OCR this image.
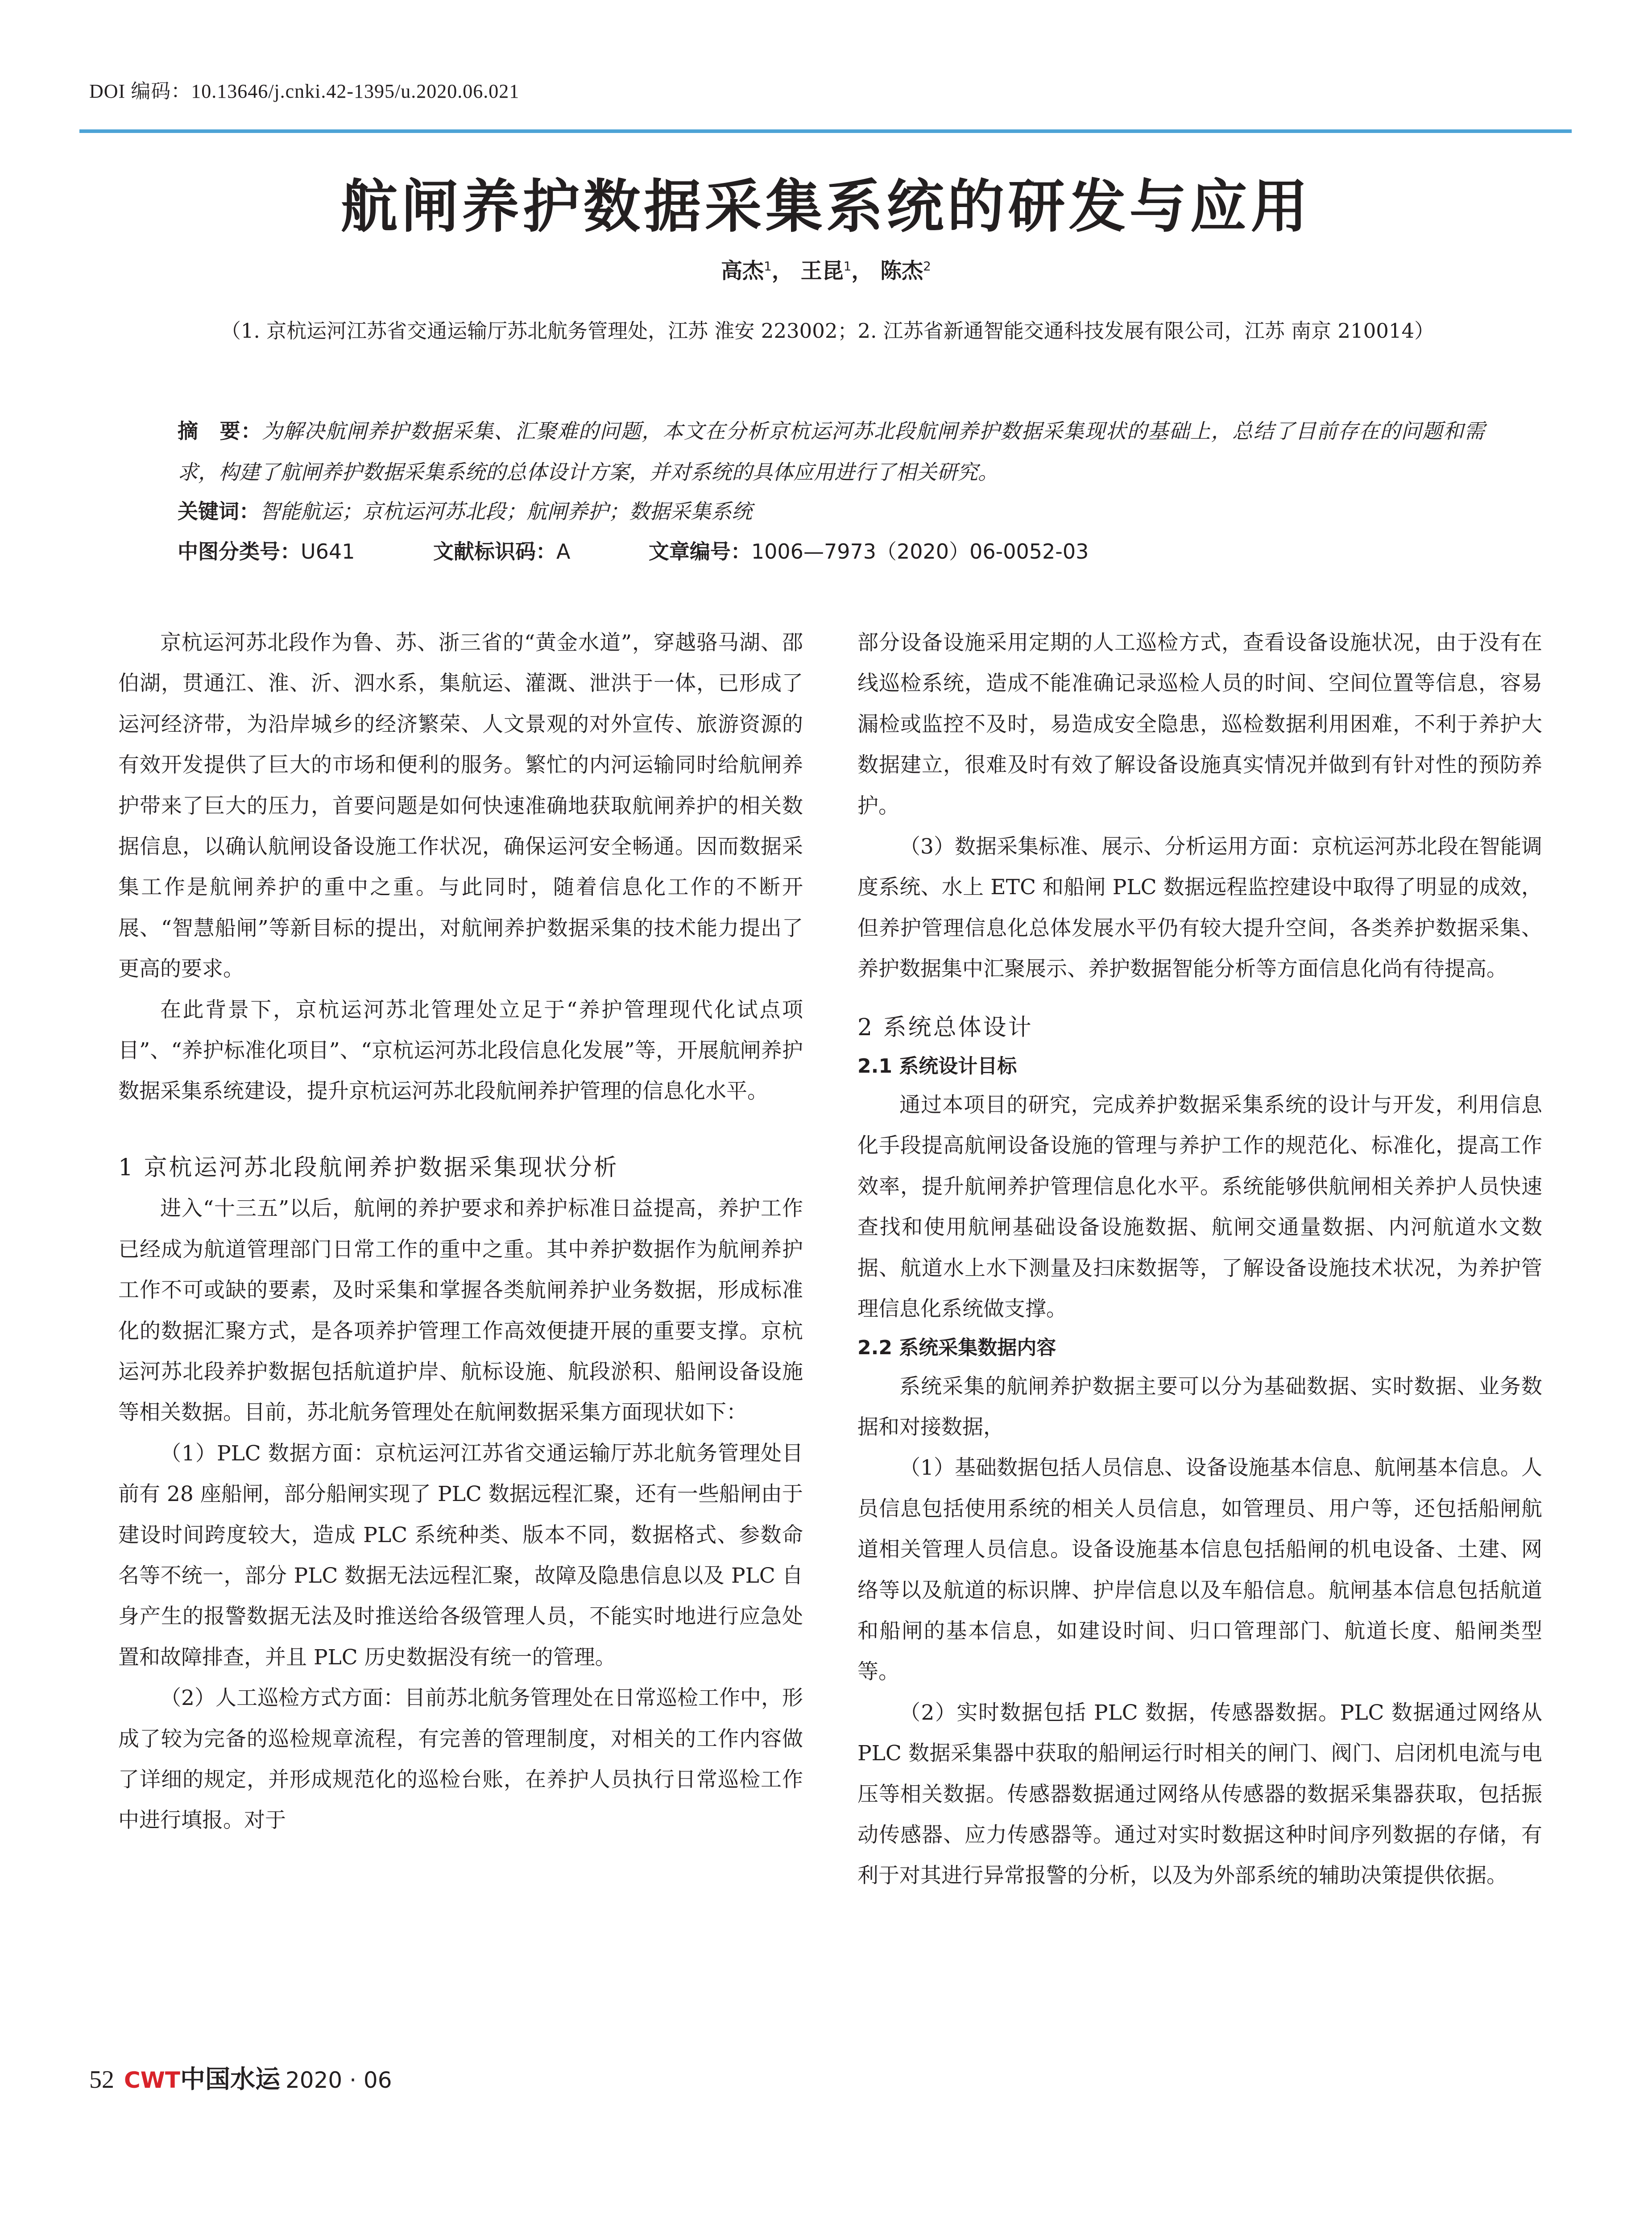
DOI 编码：10.13646/j.cnki.42-1395/u.2020.06.021
航闸养护数据采集系统的研发与应用
高杰$^1$， 王昆$^1$， 陈杰$^2$
（1. 京杭运河江苏省交通运输厅苏北航务管理处，江苏 淮安 223002；2. 江苏省新通智能交通科技发展有限公司，江苏 南京 210014）
摘　要：为解决航闸养护数据采集、汇聚难的问题，本文在分析京杭运河苏北段航闸养护数据采集现状的基础上，总结了目前存在的问题和需求，构建了航闸养护数据采集系统的总体设计方案，并对系统的具体应用进行了相关研究。
关键词：智能航运；京杭运河苏北段；航闸养护；数据采集系统
中图分类号：U641	文献标识码：A	文章编号：1006—7973（2020）06-0052-03

京杭运河苏北段作为鲁、苏、浙三省的“黄金水道”，穿越骆马湖、邵伯湖，贯通江、淮、沂、泗水系，集航运、灌溉、泄洪于一体，已形成了运河经济带，为沿岸城乡的经济繁荣、人文景观的对外宣传、旅游资源的有效开发提供了巨大的市场和便利的服务。繁忙的内河运输同时给航闸养护带来了巨大的压力，首要问题是如何快速准确地获取航闸养护的相关数据信息，以确认航闸设备设施工作状况，确保运河安全畅通。因而数据采集工作是航闸养护的重中之重。与此同时，随着信息化工作的不断开展、“智慧船闸”等新目标的提出，对航闸养护数据采集的技术能力提出了更高的要求。

在此背景下，京杭运河苏北管理处立足于“养护管理现代化试点项目”、“养护标准化项目”、“京杭运河苏北段信息化发展”等，开展航闸养护数据采集系统建设，提升京杭运河苏北段航闸养护管理的信息化水平。

1 京杭运河苏北段航闸养护数据采集现状分析

进入“十三五”以后，航闸的养护要求和养护标准日益提高，养护工作已经成为航道管理部门日常工作的重中之重。其中养护数据作为航闸养护工作不可或缺的要素，及时采集和掌握各类航闸养护业务数据，形成标准化的数据汇聚方式，是各项养护管理工作高效便捷开展的重要支撑。京杭运河苏北段养护数据包括航道护岸、航标设施、航段淤积、船闸设备设施等相关数据。目前，苏北航务管理处在航闸数据采集方面现状如下：

（1）PLC 数据方面：京杭运河江苏省交通运输厅苏北航务管理处目前有 28 座船闸，部分船闸实现了 PLC 数据远程汇聚，还有一些船闸由于建设时间跨度较大，造成 PLC 系统种类、版本不同，数据格式、参数命名等不统一，部分 PLC 数据无法远程汇聚，故障及隐患信息以及 PLC 自身产生的报警数据无法及时推送给各级管理人员，不能实时地进行应急处置和故障排查，并且 PLC 历史数据没有统一的管理。

（2）人工巡检方式方面：目前苏北航务管理处在日常巡检工作中，形成了较为完备的巡检规章流程，有完善的管理制度，对相关的工作内容做了详细的规定，并形成规范化的巡检台账，在养护人员执行日常巡检工作中进行填报。对于

部分设备设施采用定期的人工巡检方式，查看设备设施状况，由于没有在线巡检系统，造成不能准确记录巡检人员的时间、空间位置等信息，容易漏检或监控不及时，易造成安全隐患，巡检数据利用困难，不利于养护大数据建立，很难及时有效了解设备设施真实情况并做到有针对性的预防养护。

（3）数据采集标准、展示、分析运用方面：京杭运河苏北段在智能调度系统、水上 ETC 和船闸 PLC 数据远程监控建设中取得了明显的成效，但养护管理信息化总体发展水平仍有较大提升空间，各类养护数据采集、养护数据集中汇聚展示、养护数据智能分析等方面信息化尚有待提高。

2 系统总体设计
2.1 系统设计目标

通过本项目的研究，完成养护数据采集系统的设计与开发，利用信息化手段提高航闸设备设施的管理与养护工作的规范化、标准化，提高工作效率，提升航闸养护管理信息化水平。系统能够供航闸相关养护人员快速查找和使用航闸基础设备设施数据、航闸交通量数据、内河航道水文数据、航道水上水下测量及扫床数据等，了解设备设施技术状况，为养护管理信息化系统做支撑。

2.2 系统采集数据内容

系统采集的航闸养护数据主要可以分为基础数据、实时数据、业务数据和对接数据，

（1）基础数据包括人员信息、设备设施基本信息、航闸基本信息。人员信息包括使用系统的相关人员信息，如管理员、用户等，还包括船闸航道相关管理人员信息。设备设施基本信息包括船闸的机电设备、土建、网络等以及航道的标识牌、护岸信息以及车船信息。航闸基本信息包括航道和船闸的基本信息，如建设时间、归口管理部门、航道长度、船闸类型等。

（2）实时数据包括 PLC 数据，传感器数据。PLC 数据通过网络从 PLC 数据采集器中获取的船闸运行时相关的闸门、阀门、启闭机电流与电压等相关数据。传感器数据通过网络从传感器的数据采集器获取，包括振动传感器、应力传感器等。通过对实时数据这种时间序列数据的存储，有利于对其进行异常报警的分析，以及为外部系统的辅助决策提供依据。

52 CWT中国水运 2020 · 06
